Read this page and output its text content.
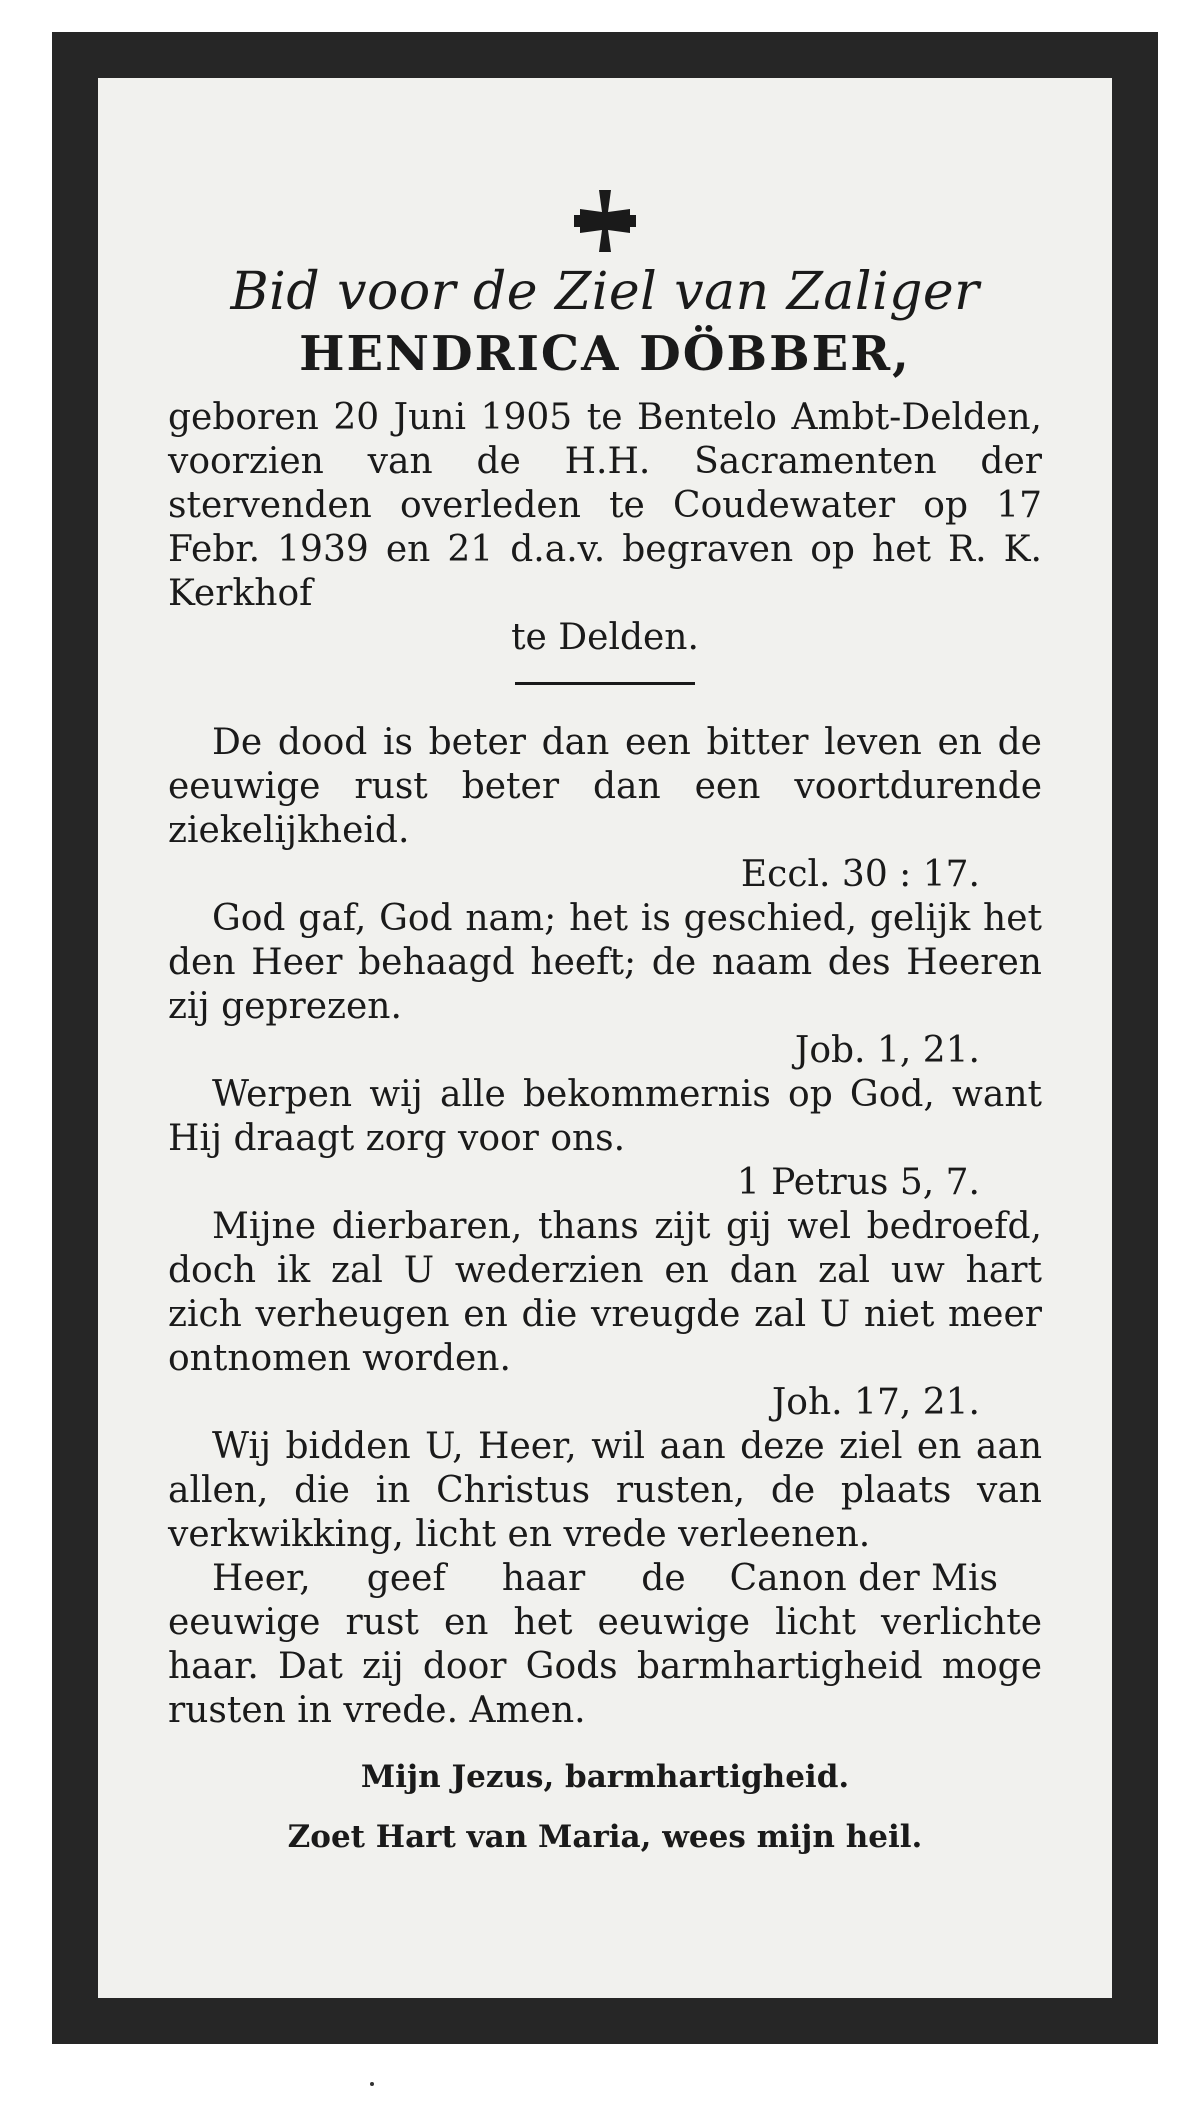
Bid voor de Ziel van Zaliger
HENDRICA DÖBBER,
geboren 20 Juni 1905 te Bentelo Ambt-Delden, voorzien van de H.H. Sacramenten der stervenden overleden te Coudewater op 17 Febr. 1939 en 21 d.a.v. begraven op het R. K. Kerkhof
te Delden.
De dood is beter dan een bitter leven en de eeuwige rust beter dan een voortdurende ziekelijkheid.
Eccl. 30 : 17.
God gaf, God nam; het is geschied, gelijk het den Heer behaagd heeft; de naam des Heeren zij geprezen.
Job. 1, 21.
Werpen wij alle bekommernis op God, want Hij draagt zorg voor ons.
1 Petrus 5, 7.
Mijne dierbaren, thans zijt gij wel bedroefd, doch ik zal U wederzien en dan zal uw hart zich verheugen en die vreugde zal U niet meer ontnomen worden.
Joh. 17, 21.
Wij bidden U, Heer, wil aan deze ziel en aan allen, die in Christus rusten, de plaats van verkwikking, licht en vrede verleenen.
Canon der Mis
Heer, geef haar de eeuwige rust en het eeuwige licht verlichte haar. Dat zij door Gods barmhartigheid moge rusten in vrede. Amen.
Mijn Jezus, barmhartigheid.
Zoet Hart van Maria, wees mijn heil.
